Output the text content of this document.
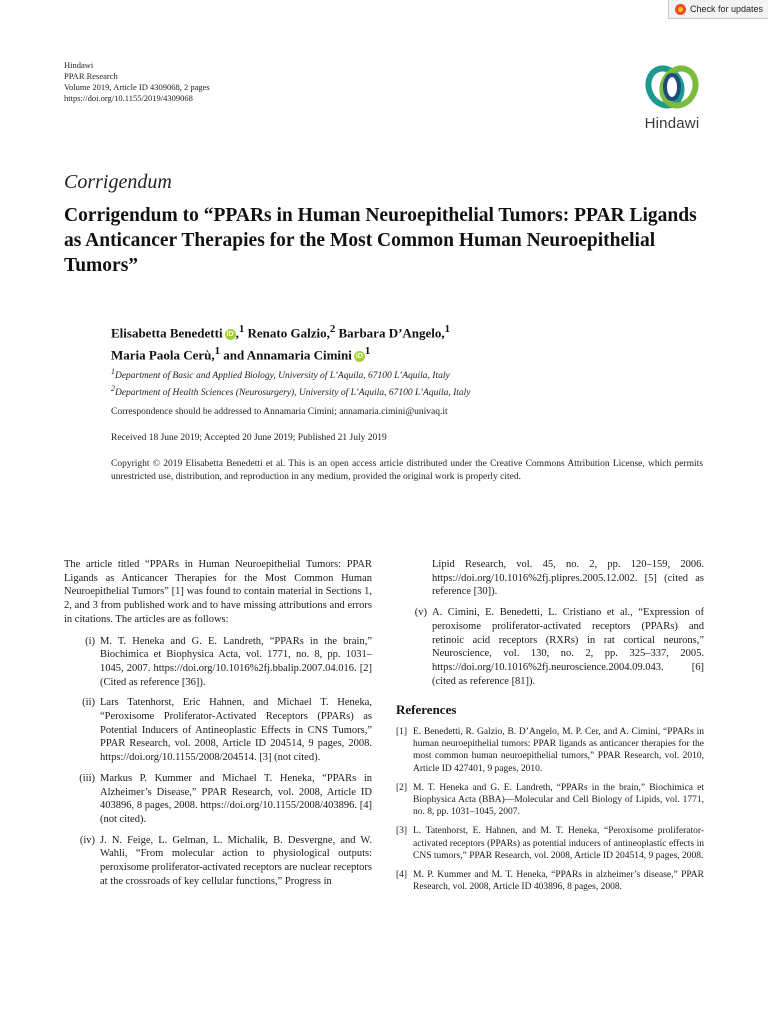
Check for updates
Hindawi
PPAR Research
Volume 2019, Article ID 4309068, 2 pages
https://doi.org/10.1155/2019/4309068
Hindawi
Corrigendum
Corrigendum to “PPARs in Human Neuroepithelial Tumors: PPAR Ligands as Anticancer Therapies for the Most Common Human Neuroepithelial Tumors”
Elisabetta Benedetti iD ,$^1$ Renato Galzio,$^2$ Barbara D’Angelo,$^1$
Maria Paola Cerù,$^1$ and Annamaria Cimini iD $^1$
$^1$Department of Basic and Applied Biology, University of L’Aquila, 67100 L’Aquila, Italy
$^2$Department of Health Sciences (Neurosurgery), University of L’Aquila, 67100 L’Aquila, Italy
Correspondence should be addressed to Annamaria Cimini; annamaria.cimini@univaq.it
Received 18 June 2019; Accepted 20 June 2019; Published 21 July 2019
Copyright © 2019 Elisabetta Benedetti et al. This is an open access article distributed under the Creative Commons Attribution License, which permits unrestricted use, distribution, and reproduction in any medium, provided the original work is properly cited.

The article titled “PPARs in Human Neuroepithelial Tumors: PPAR Ligands as Anticancer Therapies for the Most Common Human Neuroepithelial Tumors” [1] was found to contain material in Sections 1, 2, and 3 from published work and to have missing attributions and errors in citations. The articles are as follows:

(i) M. T. Heneka and G. E. Landreth, “PPARs in the brain,” Biochimica et Biophysica Acta, vol. 1771, no. 8, pp. 1031–1045, 2007. https://doi.org/10.1016%2fj.bbalip.2007.04.016. [2] (Cited as reference [36]).
(ii) Lars Tatenhorst, Eric Hahnen, and Michael T. Heneka, “Peroxisome Proliferator-Activated Receptors (PPARs) as Potential Inducers of Antineoplastic Effects in CNS Tumors,” PPAR Research, vol. 2008, Article ID 204514, 9 pages, 2008. https://doi.org/10.1155/2008/204514. [3] (not cited).
(iii) Markus P. Kummer and Michael T. Heneka, “PPARs in Alzheimer’s Disease,” PPAR Research, vol. 2008, Article ID 403896, 8 pages, 2008. https://doi.org/10.1155/2008/403896. [4] (not cited).
(iv) J. N. Feige, L. Gelman, L. Michalik, B. Desvergne, and W. Wahli, “From molecular action to physiological outputs: peroxisome proliferator-activated receptors are nuclear receptors at the crossroads of key cellular functions,” Progress in
Lipid Research, vol. 45, no. 2, pp. 120–159, 2006. https://doi.org/10.1016%2fj.plipres.2005.12.002. [5] (cited as reference [30]).
(v) A. Cimini, E. Benedetti, L. Cristiano et al., “Expression of peroxisome proliferator-activated receptors (PPARs) and retinoic acid receptors (RXRs) in rat cortical neurons,” Neuroscience, vol. 130, no. 2, pp. 325–337, 2005. https://doi.org/10.1016%2fj.neuroscience.2004.09.043. [6] (cited as reference [81]).
References
[1] E. Benedetti, R. Galzio, B. D’Angelo, M. P. Cer, and A. Cimini, “PPARs in human neuroepithelial tumors: PPAR ligands as anticancer therapies for the most common human neuroepithelial tumors,” PPAR Research, vol. 2010, Article ID 427401, 9 pages, 2010.
[2] M. T. Heneka and G. E. Landreth, “PPARs in the brain,” Biochimica et Biophysica Acta (BBA)—Molecular and Cell Biology of Lipids, vol. 1771, no. 8, pp. 1031–1045, 2007.
[3] L. Tatenhorst, E. Hahnen, and M. T. Heneka, “Peroxisome proliferator-activated receptors (PPARs) as potential inducers of antineoplastic effects in CNS tumors,” PPAR Research, vol. 2008, Article ID 204514, 9 pages, 2008.
[4] M. P. Kummer and M. T. Heneka, “PPARs in alzheimer’s disease,” PPAR Research, vol. 2008, Article ID 403896, 8 pages, 2008.
